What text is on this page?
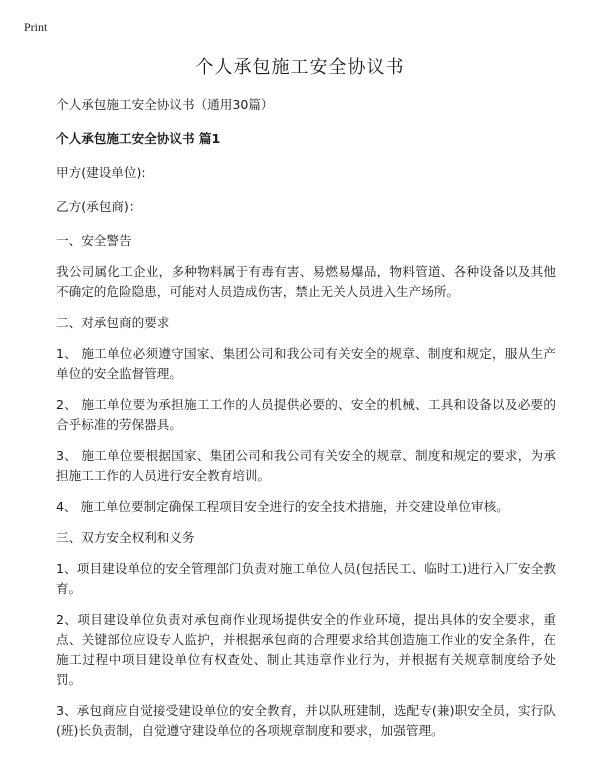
Print
个人承包施工安全协议书

个人承包施工安全协议书（通用30篇）

个人承包施工安全协议书 篇1

甲方(建设单位):

乙方(承包商)：

一、安全警告

我公司属化工企业，多种物料属于有毒有害、易燃易爆品，物料管道、各种设备以及其他不确定的危险隐患，可能对人员造成伤害，禁止无关人员进入生产场所。

二、对承包商的要求

1、 施工单位必须遵守国家、集团公司和我公司有关安全的规章、制度和规定，服从生产单位的安全监督管理。

2、 施工单位要为承担施工工作的人员提供必要的、安全的机械、工具和设备以及必要的合乎标准的劳保器具。

3、 施工单位要根据国家、集团公司和我公司有关安全的规章、制度和规定的要求，为承担施工工作的人员进行安全教育培训。

4、 施工单位要制定确保工程项目安全进行的安全技术措施，并交建设单位审核。

三、双方安全权利和义务

1、项目建设单位的安全管理部门负责对施工单位人员(包括民工、临时工)进行入厂安全教育。

2、项目建设单位负责对承包商作业现场提供安全的作业环境，提出具体的安全要求，重点、关键部位应设专人监护，并根据承包商的合理要求给其创造施工作业的安全条件，在施工过程中项目建设单位有权查处、制止其违章作业行为，并根据有关规章制度给予处罚。

3、承包商应自觉接受建设单位的安全教育，并以队班建制，选配专(兼)职安全员，实行队(班)长负责制，自觉遵守建设单位的各项规章制度和要求，加强管理。
